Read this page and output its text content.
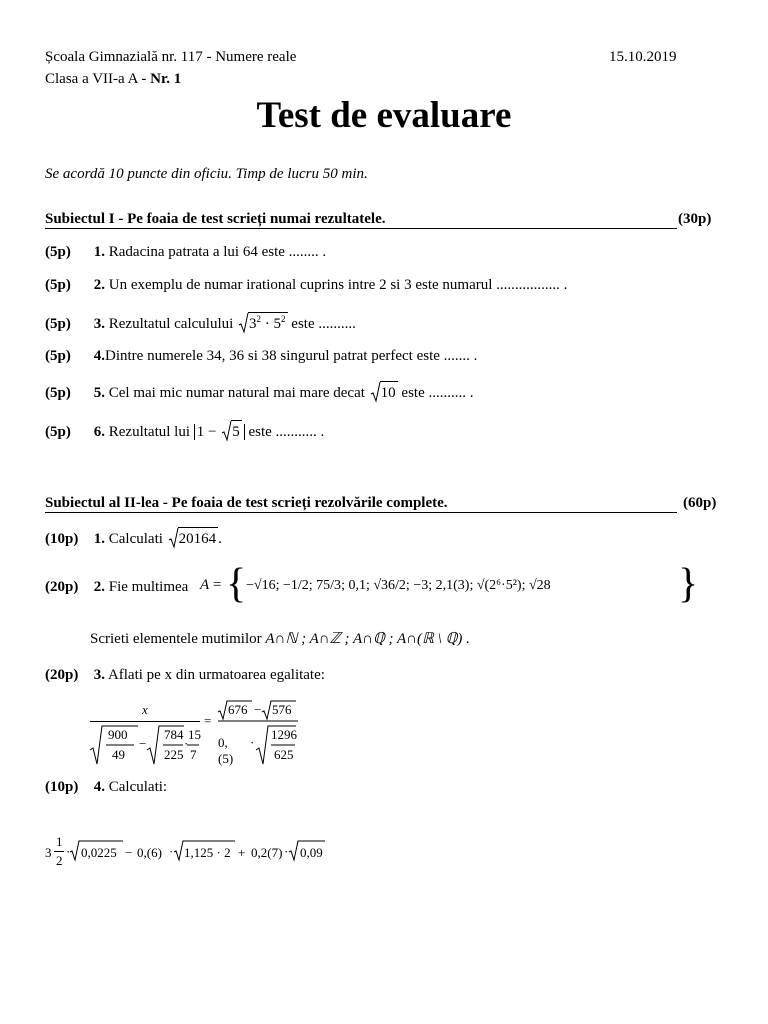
Școala Gimnazială nr. 117 - Numere reale	15.10.2019
Clasa a VII-a A - Nr. 1
Test de evaluare
Se acordă 10 puncte din oficiu. Timp de lucru 50 min.
Subiectul I - Pe foaia de test scrieți numai rezultatele.	(30p)
(5p) 1. Radacina patrata a lui 64 este ........ .
(5p) 2. Un exemplu de numar irational cuprins intre 2 si 3 este numarul ................. .
(5p) 3. Rezultatul calculului $3^2 \cdot 5^2$ este ..........
(5p) 4.Dintre numerele 34, 36 si 38 singurul patrat perfect este ....... .
(5p) 5. Cel mai mic numar natural mai mare decat 10 este .......... .
(5p) 6. Rezultatul lui 1 −
5 este ........... .
Subiectul al II-lea - Pe foaia de test scrieți rezolvările complete.	(60p)
(10p) 1. Calculati 20164 .
(20p) 2. Fie multimea A = {	}
−√16; −1/2; 75/3; 0,1; √36/2; −3; 2,1(3); √(2⁶·5²); √28
Scrieti elementele mutimilor A∩ℕ ; A∩ℤ ; A∩ℚ ; A∩(ℝ \ ℚ) .
(20p) 3. Aflati pe x din urmatoarea egalitate:
x
900
49
−
784
225
·
15
7
=
676 − 576
0,(5)
·
1296
625
(10p) 4. Calculati:
3
1
2
· 0,0225 − 0,(6) · 1,125 · 2 + 0,2(7) · 0,09
